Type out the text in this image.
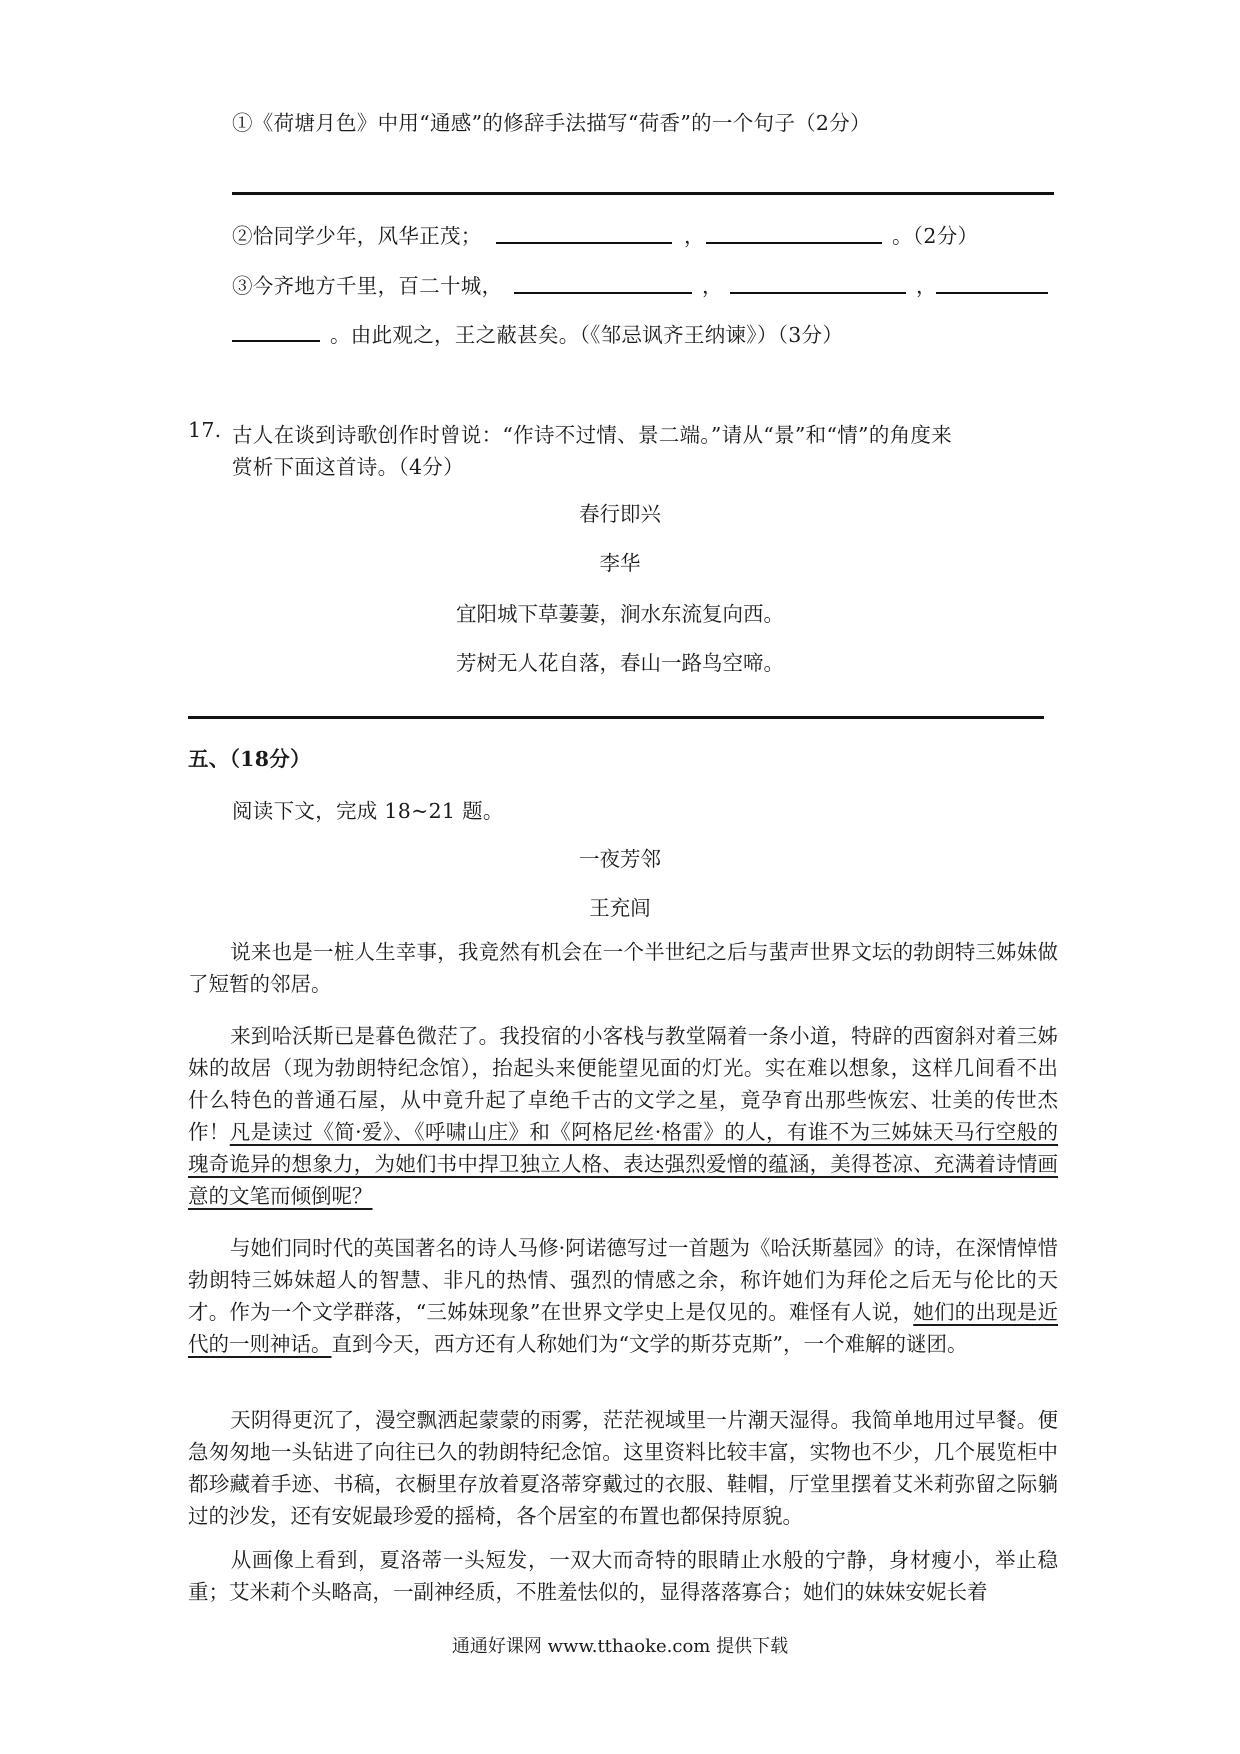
①《荷塘月色》中用“通感”的修辞手法描写“荷香”的一个句子（2分）
②恰同学少年，风华正茂；	，	。（2分）
③今齐地方千里，百二十城，	，	，
。由此观之，王之蔽甚矣。（《邹忌讽齐王纳谏》）（3分）
17. 古人在谈到诗歌创作时曾说：“作诗不过情、景二端。”请从“景”和“情”的角度来
赏析下面这首诗。（4分）
春行即兴
李华
宜阳城下草萋萋，涧水东流复向西。
芳树无人花自落，春山一路鸟空啼。
五、（18分）
阅读下文，完成 18~21 题。
一夜芳邻
王充闾
说来也是一桩人生幸事，我竟然有机会在一个半世纪之后与蜚声世界文坛的勃朗特三姊妹做了短暂的邻居。
来到哈沃斯已是暮色微茫了。我投宿的小客栈与教堂隔着一条小道，特辟的西窗斜对着三姊妹的故居（现为勃朗特纪念馆），抬起头来便能望见面的灯光。实在难以想象，这样几间看不出什么特色的普通石屋，从中竟升起了卓绝千古的文学之星，竟孕育出那些恢宏、壮美的传世杰作！凡是读过《简·爱》、《呼啸山庄》和《阿格尼丝·格雷》的人，有谁不为三姊妹天马行空般的瑰奇诡异的想象力，为她们书中捍卫独立人格、表达强烈爱憎的蕴涵，美得苍凉、充满着诗情画意的文笔而倾倒呢？
与她们同时代的英国著名的诗人马修·阿诺德写过一首题为《哈沃斯墓园》的诗，在深情悼惜勃朗特三姊妹超人的智慧、非凡的热情、强烈的情感之余，称许她们为拜伦之后无与伦比的天才。作为一个文学群落，“三姊妹现象”在世界文学史上是仅见的。难怪有人说，她们的出现是近代的一则神话。直到今天，西方还有人称她们为“文学的斯芬克斯”，一个难解的谜团。
天阴得更沉了，漫空飘洒起蒙蒙的雨雾，茫茫视域里一片潮天湿得。我简单地用过早餐。便急匆匆地一头钻进了向往已久的勃朗特纪念馆。这里资料比较丰富，实物也不少，几个展览柜中都珍藏着手迹、书稿，衣橱里存放着夏洛蒂穿戴过的衣服、鞋帽，厅堂里摆着艾米莉弥留之际躺过的沙发，还有安妮最珍爱的摇椅，各个居室的布置也都保持原貌。
从画像上看到，夏洛蒂一头短发，一双大而奇特的眼睛止水般的宁静，身材瘦小，举止稳重；艾米莉个头略高，一副神经质，不胜羞怯似的，显得落落寡合；她们的妹妹安妮长着
通通好课网 www.tthaoke.com 提供下载
